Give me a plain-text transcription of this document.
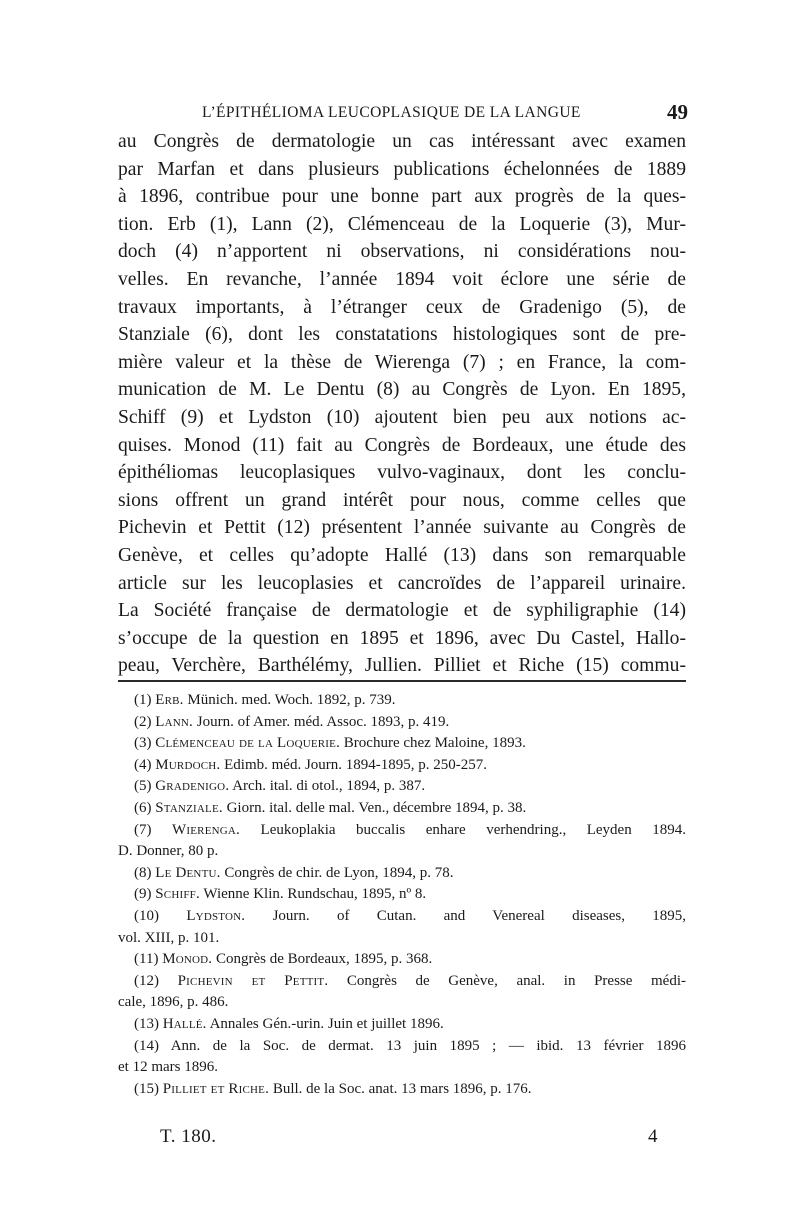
L’ÉPITHÉLIOMA LEUCOPLASIQUE DE LA LANGUE	49
au Congrès de dermatologie un cas intéressant avec examen
par Marfan et dans plusieurs publications échelonnées de 1889
à 1896, contribue pour une bonne part aux progrès de la ques-
tion. Erb (1), Lann (2), Clémenceau de la Loquerie (3), Mur-
doch (4) n’apportent ni observations, ni considérations nou-
velles. En revanche, l’année 1894 voit éclore une série de
travaux importants, à l’étranger ceux de Gradenigo (5), de
Stanziale (6), dont les constatations histologiques sont de pre-
mière valeur et la thèse de Wierenga (7) ; en France, la com-
munication de M. Le Dentu (8) au Congrès de Lyon. En 1895,
Schiff (9) et Lydston (10) ajoutent bien peu aux notions ac-
quises. Monod (11) fait au Congrès de Bordeaux, une étude des
épithéliomas leucoplasiques vulvo-vaginaux, dont les conclu-
sions offrent un grand intérêt pour nous, comme celles que
Pichevin et Pettit (12) présentent l’année suivante au Congrès de
Genève, et celles qu’adopte Hallé (13) dans son remarquable
article sur les leucoplasies et cancroïdes de l’appareil urinaire.
La Société française de dermatologie et de syphiligraphie (14)
s’occupe de la question en 1895 et 1896, avec Du Castel, Hallo-
peau, Verchère, Barthélémy, Jullien. Pilliet et Riche (15) commu-
(1) Erb. Münich. med. Woch. 1892, p. 739.
(2) Lann. Journ. of Amer. méd. Assoc. 1893, p. 419.
(3) Clémenceau de la Loquerie. Brochure chez Maloine, 1893.
(4) Murdoch. Edimb. méd. Journ. 1894-1895, p. 250-257.
(5) Gradenigo. Arch. ital. di otol., 1894, p. 387.
(6) Stanziale. Giorn. ital. delle mal. Ven., décembre 1894, p. 38.
(7) Wierenga. Leukoplakia buccalis enhare verhendring., Leyden 1894.
D. Donner, 80 p.
(8) Le Dentu. Congrès de chir. de Lyon, 1894, p. 78.
(9) Schiff. Wienne Klin. Rundschau, 1895, nº 8.
(10) Lydston. Journ. of Cutan. and Venereal diseases, 1895,
vol. XIII, p. 101.
(11) Monod. Congrès de Bordeaux, 1895, p. 368.
(12) Pichevin et Pettit. Congrès de Genève, anal. in Presse médi-
cale, 1896, p. 486.
(13) Hallé. Annales Gén.-urin. Juin et juillet 1896.
(14) Ann. de la Soc. de dermat. 13 juin 1895 ; — ibid. 13 février 1896
et 12 mars 1896.
(15) Pilliet et Riche. Bull. de la Soc. anat. 13 mars 1896, p. 176.
T. 180.	4
